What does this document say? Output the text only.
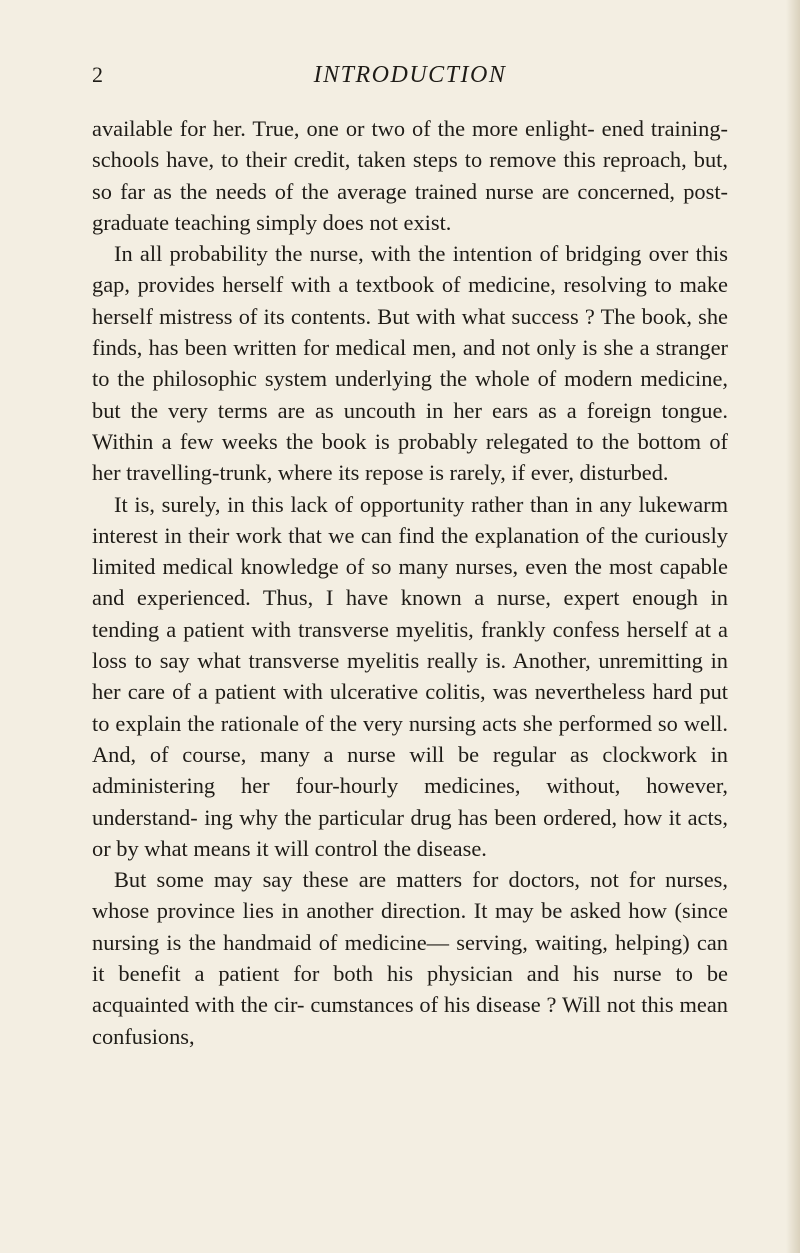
2	INTRODUCTION

available for her. True, one or two of the more enlight- ened training-schools have, to their credit, taken steps to remove this reproach, but, so far as the needs of the average trained nurse are concerned, post-graduate teaching simply does not exist.

In all probability the nurse, with the intention of bridging over this gap, provides herself with a textbook of medicine, resolving to make herself mistress of its contents. But with what success ? The book, she finds, has been written for medical men, and not only is she a stranger to the philosophic system underlying the whole of modern medicine, but the very terms are as uncouth in her ears as a foreign tongue. Within a few weeks the book is probably relegated to the bottom of her travelling-trunk, where its repose is rarely, if ever, disturbed.

It is, surely, in this lack of opportunity rather than in any lukewarm interest in their work that we can find the explanation of the curiously limited medical knowledge of so many nurses, even the most capable and experienced. Thus, I have known a nurse, expert enough in tending a patient with transverse myelitis, frankly confess herself at a loss to say what transverse myelitis really is. Another, unremitting in her care of a patient with ulcerative colitis, was nevertheless hard put to explain the rationale of the very nursing acts she performed so well. And, of course, many a nurse will be regular as clockwork in administering her four-hourly medicines, without, however, understand- ing why the particular drug has been ordered, how it acts, or by what means it will control the disease.

But some may say these are matters for doctors, not for nurses, whose province lies in another direction. It may be asked how (since nursing is the handmaid of medicine— serving, waiting, helping) can it benefit a patient for both his physician and his nurse to be acquainted with the cir- cumstances of his disease ? Will not this mean confusions,
